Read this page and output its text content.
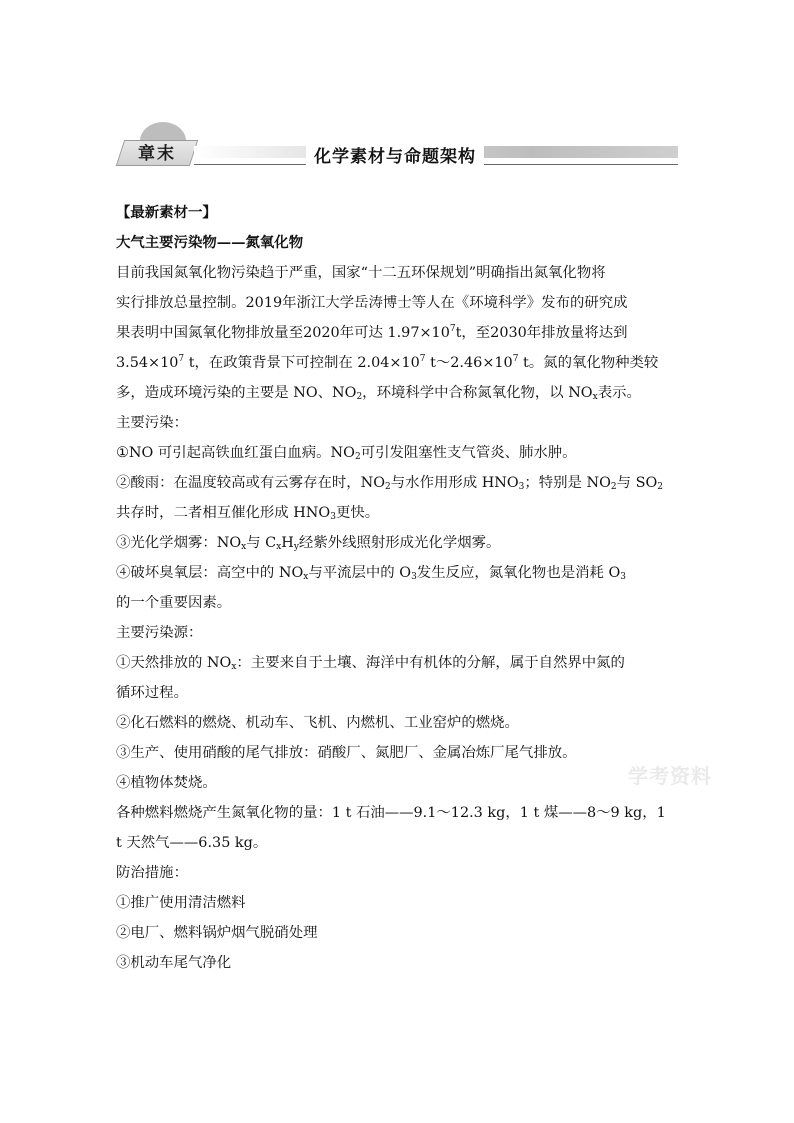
章末	化学素材与命题架构
【最新素材一】
大气主要污染物——氮氧化物
目前我国氮氧化物污染趋于严重，国家“十二五环保规划”明确指出氮氧化物将
实行排放总量控制。2019年浙江大学岳涛博士等人在《环境科学》发布的研究成
果表明中国氮氧化物排放量至2020年可达 $1.97\times 10^7t$，至2030年排放量将达到
$3.54\times 10^7$ t，在政策背景下可控制在 $2.04\times 10^7$ $t\sim 2.46\times 10^7$ t。氮的氧化物种类较
多，造成环境污染的主要是 NO、$NO_2$，环境科学中合称氮氧化物，以 $NO_x$表示。
主要污染：
①NO 可引起高铁血红蛋白血病。$NO_2$可引发阻塞性支气管炎、肺水肿。
②酸雨：在温度较高或有云雾存在时，$NO_2$与水作用形成 $HNO_3$；特别是 $NO_2$与 $SO_2$
共存时，二者相互催化形成 $HNO_3$更快。
③光化学烟雾：$NO_x$与 $C_xH_y$经紫外线照射形成光化学烟雾。
④破坏臭氧层：高空中的 $NO_x$与平流层中的 $O_3$发生反应，氮氧化物也是消耗 $O_3$
的一个重要因素。
主要污染源：
①天然排放的 $NO_x$：主要来自于土壤、海洋中有机体的分解，属于自然界中氮的
循环过程。
②化石燃料的燃烧、机动车、飞机、内燃机、工业窑炉的燃烧。
③生产、使用硝酸的尾气排放：硝酸厂、氮肥厂、金属冶炼厂尾气排放。
④植物体焚烧。
各种燃料燃烧产生氮氧化物的量：1 t 石油——9.1～12.3 kg，1 t 煤——8～9 kg，1
t 天然气——6.35 kg。
防治措施：
①推广使用清洁燃料
②电厂、燃料锅炉烟气脱硝处理
③机动车尾气净化
学考资料
